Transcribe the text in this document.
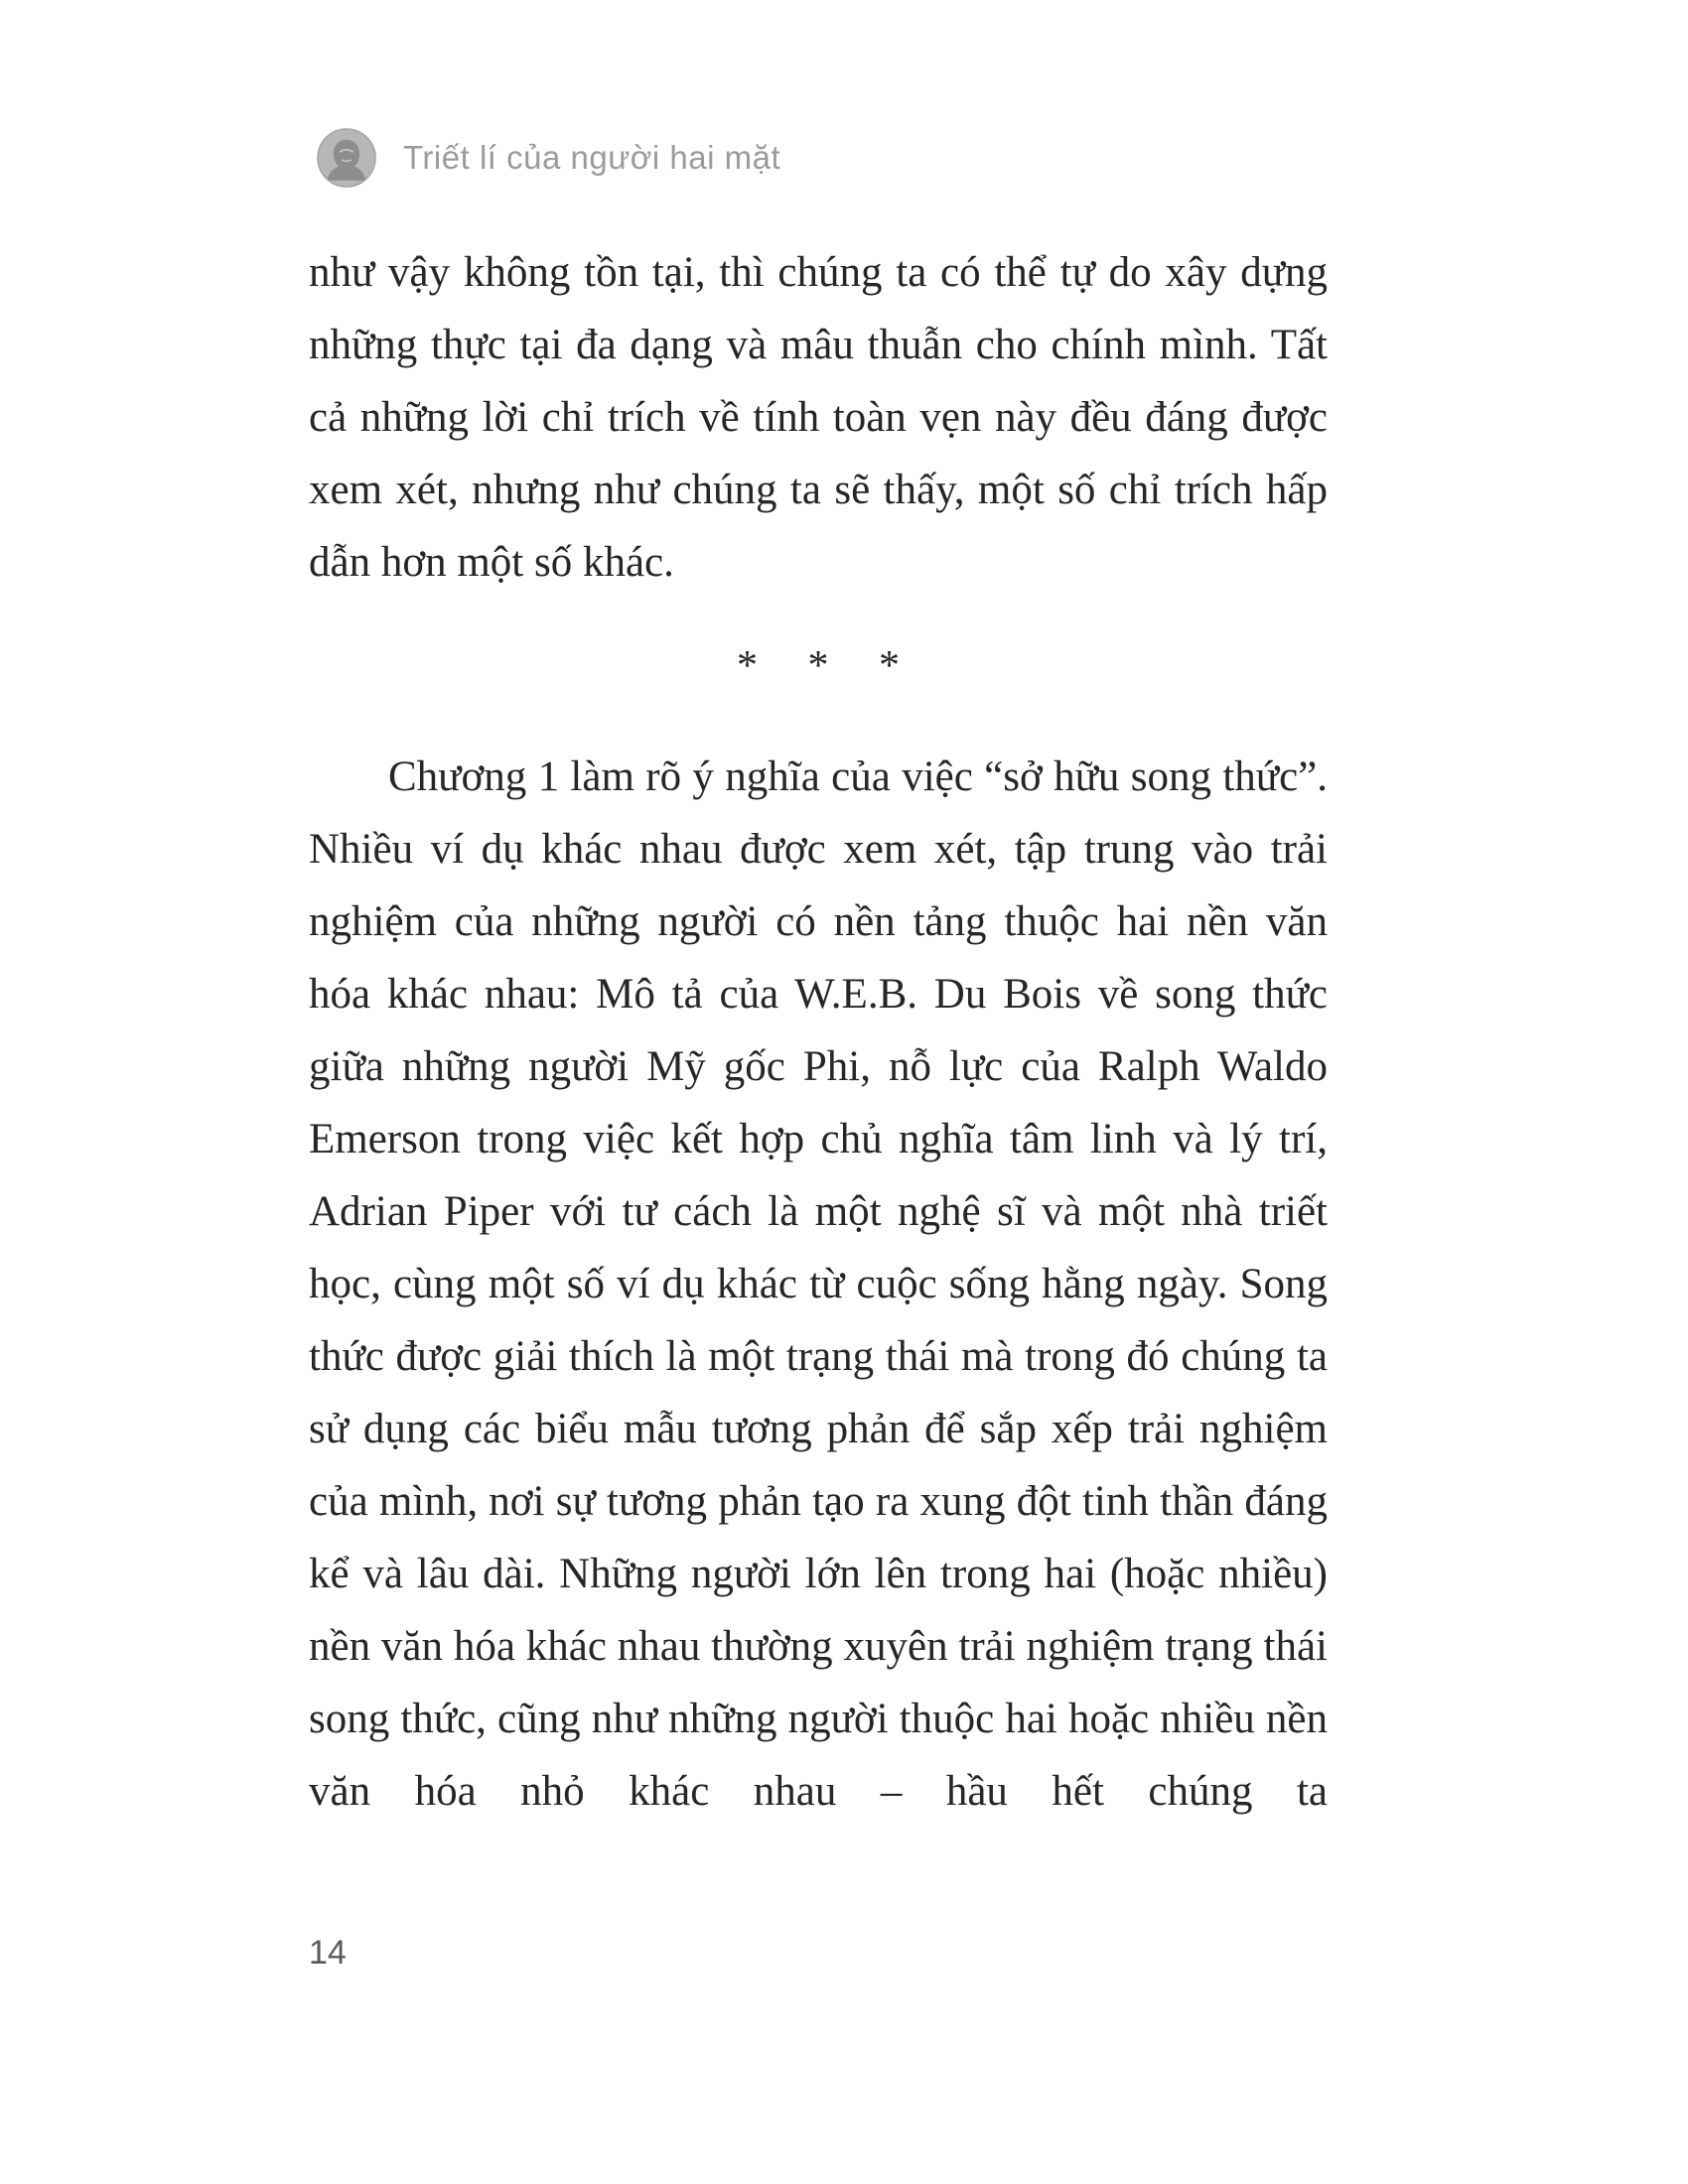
Triết lí của người hai mặt

như vậy không tồn tại, thì chúng ta có thể tự do xây dựng những thực tại đa dạng và mâu thuẫn cho chính mình. Tất cả những lời chỉ trích về tính toàn vẹn này đều đáng được xem xét, nhưng như chúng ta sẽ thấy, một số chỉ trích hấp dẫn hơn một số khác.

* * *

Chương 1 làm rõ ý nghĩa của việc “sở hữu song thức”. Nhiều ví dụ khác nhau được xem xét, tập trung vào trải nghiệm của những người có nền tảng thuộc hai nền văn hóa khác nhau: Mô tả của W.E.B. Du Bois về song thức giữa những người Mỹ gốc Phi, nỗ lực của Ralph Waldo Emerson trong việc kết hợp chủ nghĩa tâm linh và lý trí, Adrian Piper với tư cách là một nghệ sĩ và một nhà triết học, cùng một số ví dụ khác từ cuộc sống hằng ngày. Song thức được giải thích là một trạng thái mà trong đó chúng ta sử dụng các biểu mẫu tương phản để sắp xếp trải nghiệm của mình, nơi sự tương phản tạo ra xung đột tinh thần đáng kể và lâu dài. Những người lớn lên trong hai (hoặc nhiều) nền văn hóa khác nhau thường xuyên trải nghiệm trạng thái song thức, cũng như những người thuộc hai hoặc nhiều nền văn hóa nhỏ khác nhau – hầu hết chúng ta

14
